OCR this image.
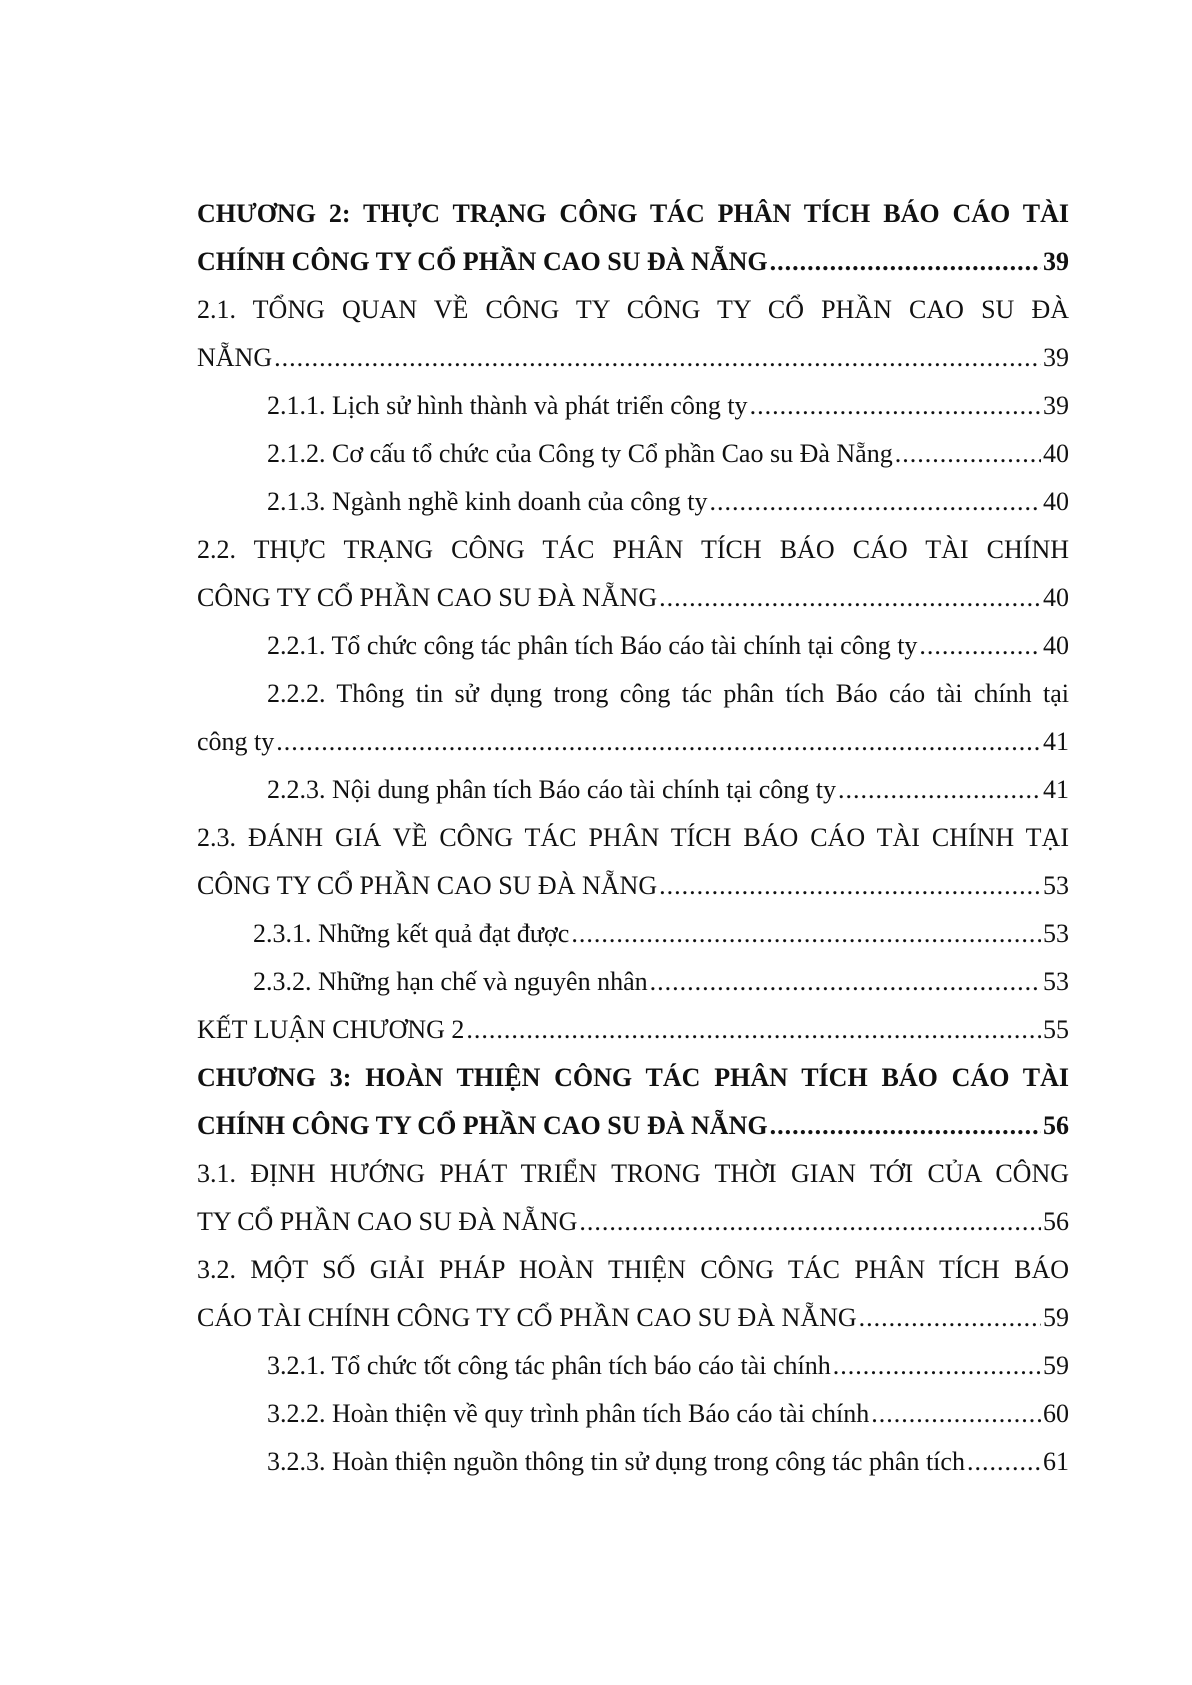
CHƯƠNG 2: THỰC TRẠNG CÔNG TÁC PHÂN TÍCH BÁO CÁO TÀI
CHÍNH CÔNG TY CỔ PHẦN CAO SU ĐÀ NẴNG .....	39
2.1. TỔNG QUAN VỀ CÔNG TY CÔNG TY CỔ PHẦN CAO SU ĐÀ
NẴNG .....	39
2.1.1. Lịch sử hình thành và phát triển công ty .....	39
2.1.2. Cơ cấu tổ chức của Công ty Cổ phần Cao su Đà Nẵng .....	40
2.1.3. Ngành nghề kinh doanh của công ty .....	40
2.2. THỰC TRẠNG CÔNG TÁC PHÂN TÍCH BÁO CÁO TÀI CHÍNH
CÔNG TY CỔ PHẦN CAO SU ĐÀ NẴNG .....	40
2.2.1. Tổ chức công tác phân tích Báo cáo tài chính tại công ty .....	40
2.2.2. Thông tin sử dụng trong công tác phân tích Báo cáo tài chính tại
công ty .....	41
2.2.3. Nội dung phân tích Báo cáo tài chính tại công ty .....	41
2.3. ĐÁNH GIÁ VỀ CÔNG TÁC PHÂN TÍCH BÁO CÁO TÀI CHÍNH TẠI
CÔNG TY CỔ PHẦN CAO SU ĐÀ NẴNG .....	53
2.3.1. Những kết quả đạt được .....	53
2.3.2. Những hạn chế và nguyên nhân .....	53
KẾT LUẬN CHƯƠNG 2 .....	55
CHƯƠNG 3: HOÀN THIỆN CÔNG TÁC PHÂN TÍCH BÁO CÁO TÀI
CHÍNH CÔNG TY CỔ PHẦN CAO SU ĐÀ NẴNG .....	56
3.1. ĐỊNH HƯỚNG PHÁT TRIỂN TRONG THỜI GIAN TỚI CỦA CÔNG
TY CỔ PHẦN CAO SU ĐÀ NẴNG .....	56
3.2. MỘT SỐ GIẢI PHÁP HOÀN THIỆN CÔNG TÁC PHÂN TÍCH BÁO
CÁO TÀI CHÍNH CÔNG TY CỔ PHẦN CAO SU ĐÀ NẴNG .....	59
3.2.1. Tổ chức tốt công tác phân tích báo cáo tài chính .....	59
3.2.2. Hoàn thiện về quy trình phân tích Báo cáo tài chính .....	60
3.2.3. Hoàn thiện nguồn thông tin sử dụng trong công tác phân tích .....	61
